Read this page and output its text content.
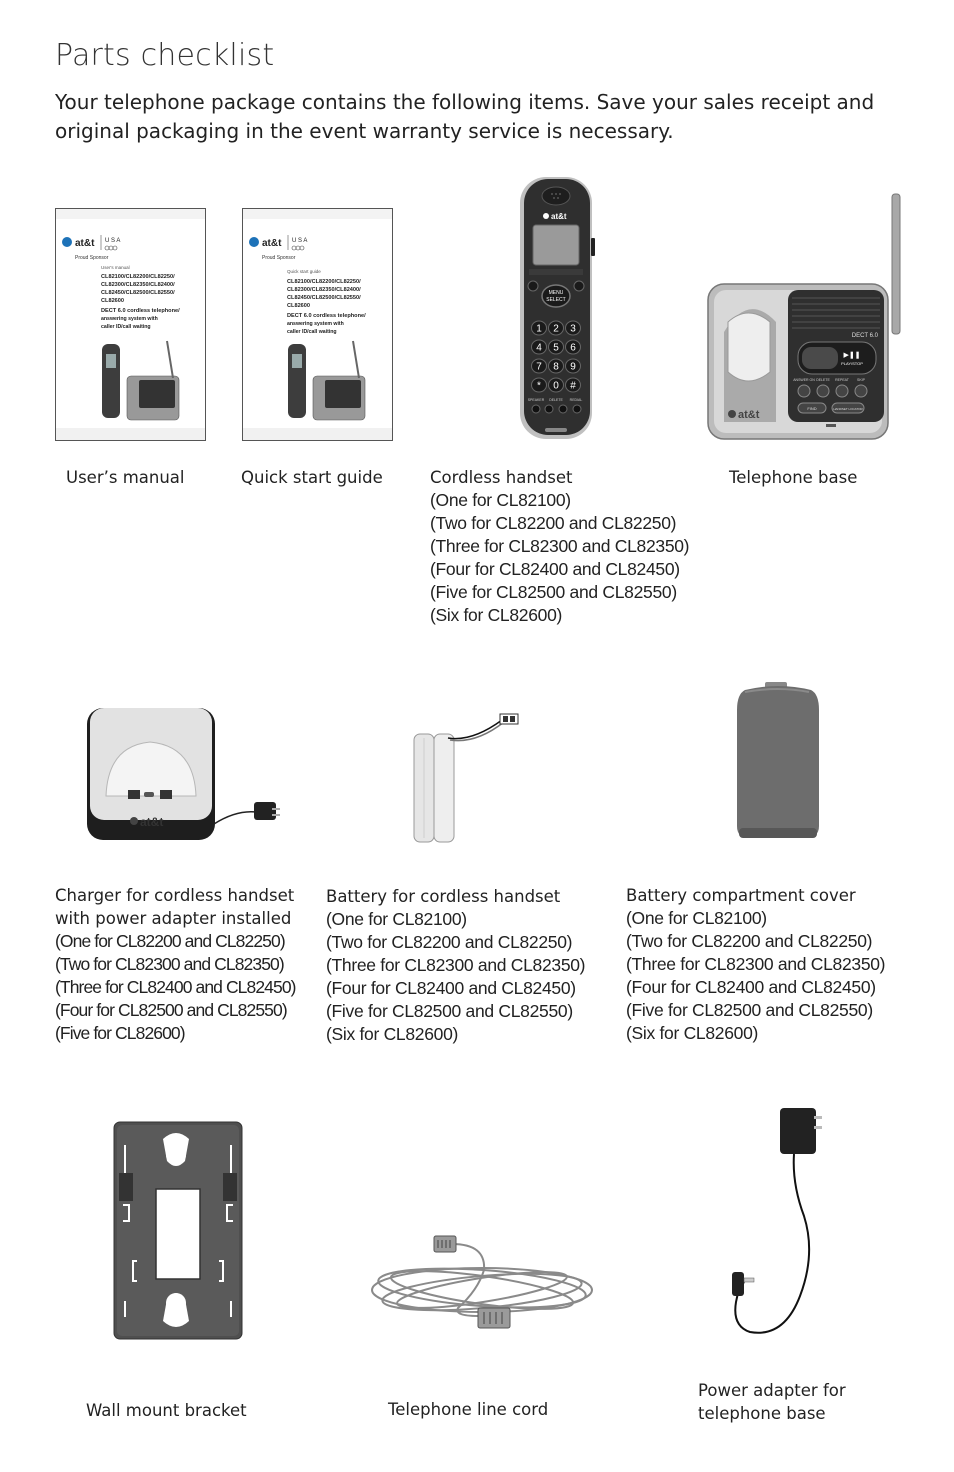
Parts checklist
Your telephone package contains the following items. Save your sales receipt and original packaging in the event warranty service is necessary.
at&t U S A
Proud Sponsor
User's manual
CL82100/CL82200/CL82250/
CL82300/CL82350/CL82400/
CL82450/CL82500/CL82550/
CL82600
DECT 6.0 cordless telephone/
answering system with
caller ID/call waiting
at&t U S A
Proud Sponsor
Quick start guide
CL82100/CL82200/CL82250/
CL82300/CL82350/CL82400/
CL82450/CL82500/CL82550/
CL82600
DECT 6.0 cordless telephone/
answering system with
caller ID/call waiting
at&t
MENU
SELECT
1 2 3
4 5 6
7 8 9
* 0 #
SPEAKER DELETE REDIAL
DECT 6.0
▶❚❚
PLAY/STOP
ANSWER ON DELETE REPEAT SKIP
FIND	HANDSET LOCATOR
at&t
at&t
User’s manual	Quick start guide	Cordless handset
(One for CL82100)
(Two for CL82200 and CL82250)
(Three for CL82300 and CL82350)
(Four for CL82400 and CL82450)
(Five for CL82500 and CL82550)
(Six for CL82600)
Telephone base
Charger for cordless handset
with power adapter installed
(One for CL82200 and CL82250)
(Two for CL82300 and CL82350)
(Three for CL82400 and CL82450)
(Four for CL82500 and CL82550)
(Five for CL82600)
Battery for cordless handset
(One for CL82100)
(Two for CL82200 and CL82250)
(Three for CL82300 and CL82350)
(Four for CL82400 and CL82450)
(Five for CL82500 and CL82550)
(Six for CL82600)
Battery compartment cover
(One for CL82100)
(Two for CL82200 and CL82250)
(Three for CL82300 and CL82350)
(Four for CL82400 and CL82450)
(Five for CL82500 and CL82550)
(Six for CL82600)
Wall mount bracket	Telephone line cord
Power adapter for
telephone base
